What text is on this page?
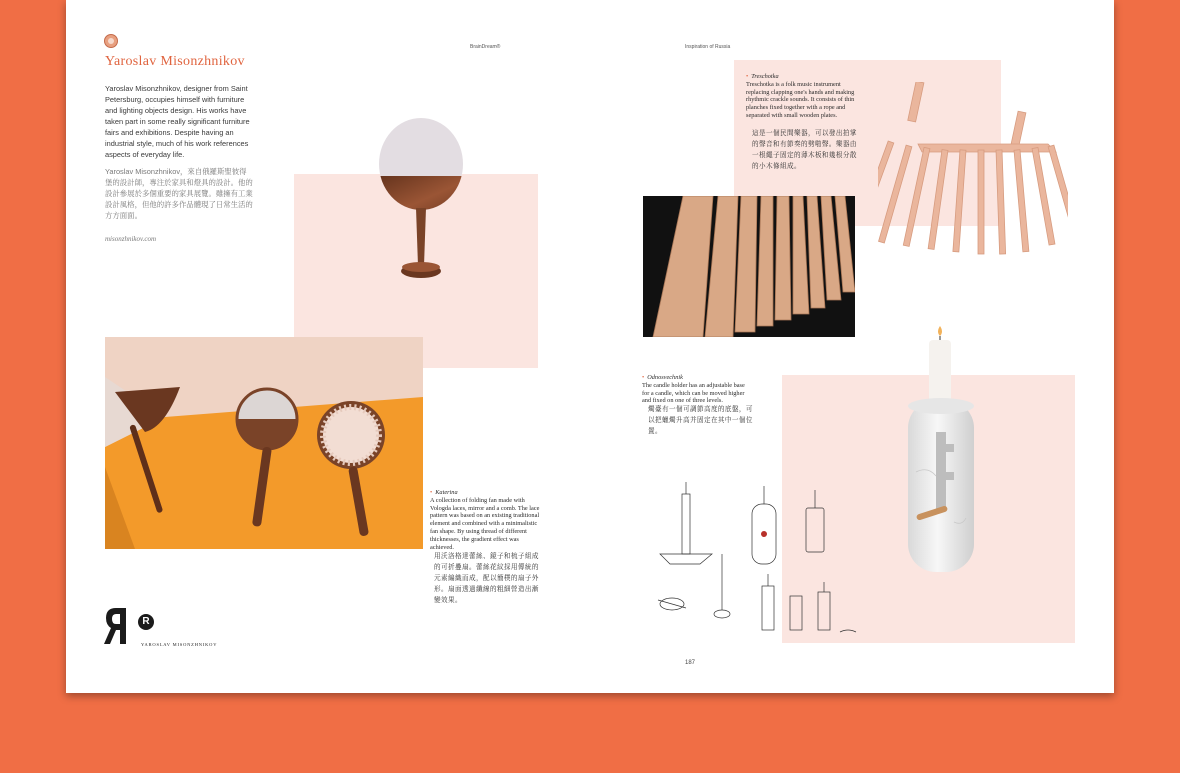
Yaroslav Misonzhnikov
Yaroslav Misonzhnikov, designer from Saint Petersburg, occupies himself with furniture and lighting objects design. His works have taken part in some really significant furniture fairs and exhibitions. Despite having an industrial style, much of his work references aspects of everyday life.
Yaroslav Misonzhnikov，來自俄羅斯聖彼得堡的設計師，專注於家具和燈具的設計。他的設計參展於多個重要的家具展覽。雖擁有工業設計風格，但他的許多作品體現了日常生活的方方面面。
misonzhnikov.com
BrainDream®
• Katerina
A collection of folding fan made with Vologda laces, mirror and a comb. The lace pattern was based on an existing traditional element and combined with a minimalistic fan shape. By using thread of different thicknesses, the gradient effect was achieved.
用沃洛格達蕾絲、鏡子和梳子組成的可折疊扇。蕾絲花紋採用傳統的元素編織而成，配以簡樸的扇子外形。扇面透過纖線的粗細營造出漸變效果。
R
YAROSLAV MISONZHNIKOV
Inspiration of Russia
• Treschotka
Treschotka is a folk music instrument replacing clapping one's hands and making rhythmic crackle sounds. It consists of thin planches fixed together with a rope and separated with small wooden plates.
這是一個民間樂器，可以發出拍掌的聲音和有節奏的劈啪聲。樂器由一根繩子固定的薄木板和幾根分散的小木條組成。
• Odnosvechnik
The candle holder has an adjustable base for a candle, which can be moved higher and fixed on one of three levels.
燭臺有一個可調節高度的底盤，可以把蠟燭升高并固定在其中一個位置。
187
